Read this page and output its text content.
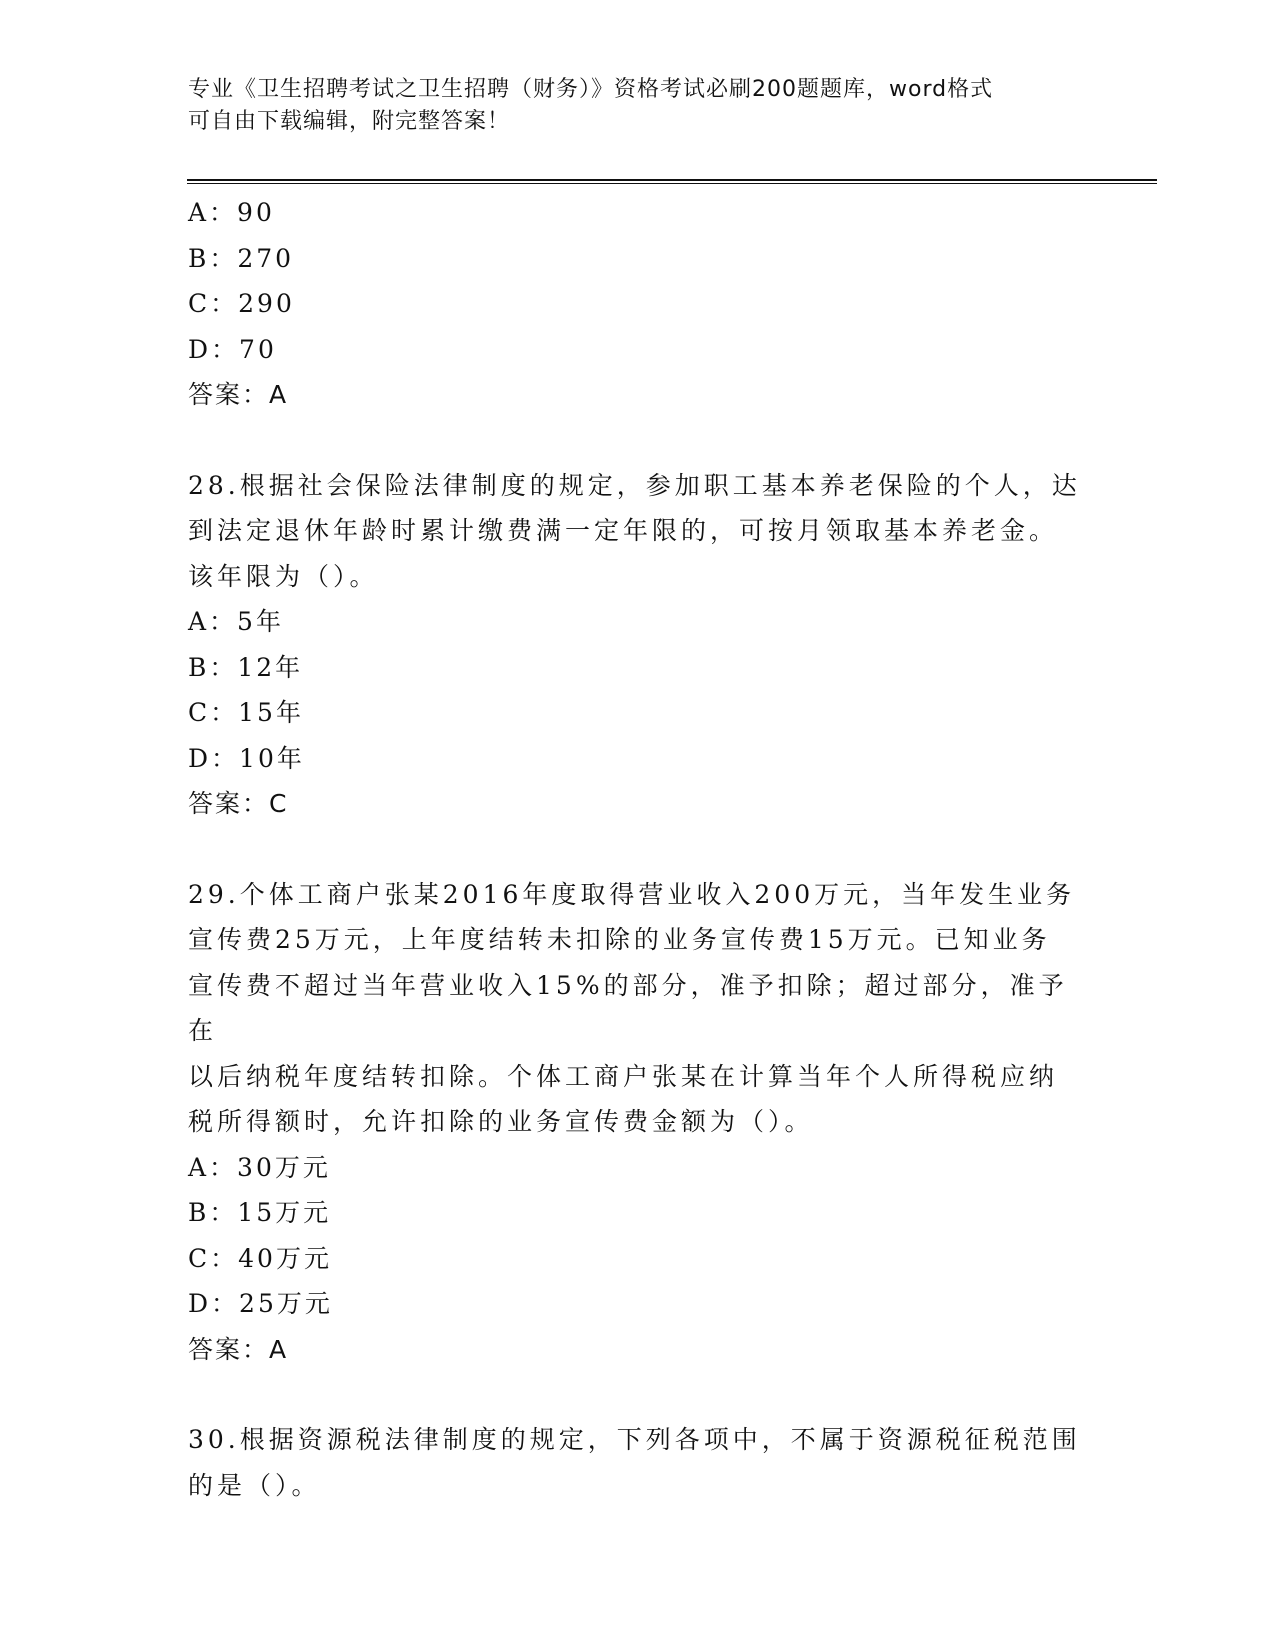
专业《卫生招聘考试之卫生招聘（财务）》资格考试必刷200题题库，word格式
可自由下载编辑，附完整答案！
A：90
B：270
C：290
D：70
答案：A
28.根据社会保险法律制度的规定，参加职工基本养老保险的个人，达
到法定退休年龄时累计缴费满一定年限的，可按月领取基本养老金。
该年限为（）。
A：5年
B：12年
C：15年
D：10年
答案：C
29.个体工商户张某2016年度取得营业收入200万元，当年发生业务
宣传费25万元，上年度结转未扣除的业务宣传费15万元。已知业务
宣传费不超过当年营业收入15%的部分，准予扣除；超过部分，准予在
以后纳税年度结转扣除。个体工商户张某在计算当年个人所得税应纳
税所得额时，允许扣除的业务宣传费金额为（）。
A：30万元
B：15万元
C：40万元
D：25万元
答案：A
30.根据资源税法律制度的规定，下列各项中，不属于资源税征税范围
的是（）。
